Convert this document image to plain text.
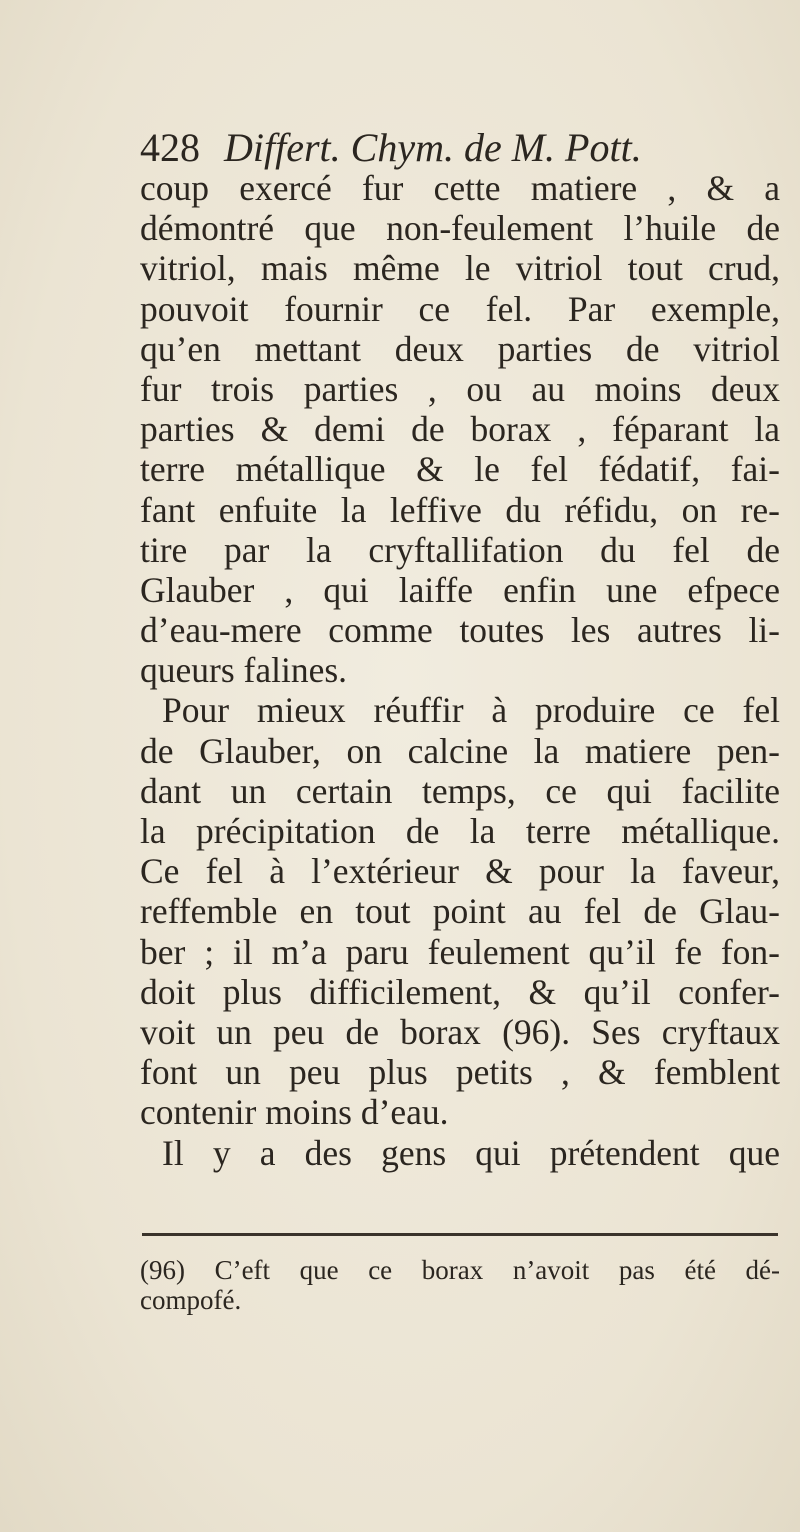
428 Differt. Chym. de M. Pott.
coup exercé fur cette matiere , & a
démontré que non-feulement l’huile de
vitriol, mais même le vitriol tout crud,
pouvoit fournir ce fel. Par exemple,
qu’en mettant deux parties de vitriol
fur trois parties , ou au moins deux
parties & demi de borax , féparant la
terre métallique & le fel fédatif, fai-
fant enfuite la leffive du réfidu, on re-
tire par la cryftallifation du fel de
Glauber , qui laiffe enfin une efpece
d’eau-mere comme toutes les autres li-
queurs falines.
Pour mieux réuffir à produire ce fel
de Glauber, on calcine la matiere pen-
dant un certain temps, ce qui facilite
la précipitation de la terre métallique.
Ce fel à l’extérieur & pour la faveur,
reffemble en tout point au fel de Glau-
ber ; il m’a paru feulement qu’il fe fon-
doit plus difficilement, & qu’il confer-
voit un peu de borax (96). Ses cryftaux
font un peu plus petits , & femblent
contenir moins d’eau.
Il y a des gens qui prétendent que
(96) C’eft que ce borax n’avoit pas été dé-
compofé.
